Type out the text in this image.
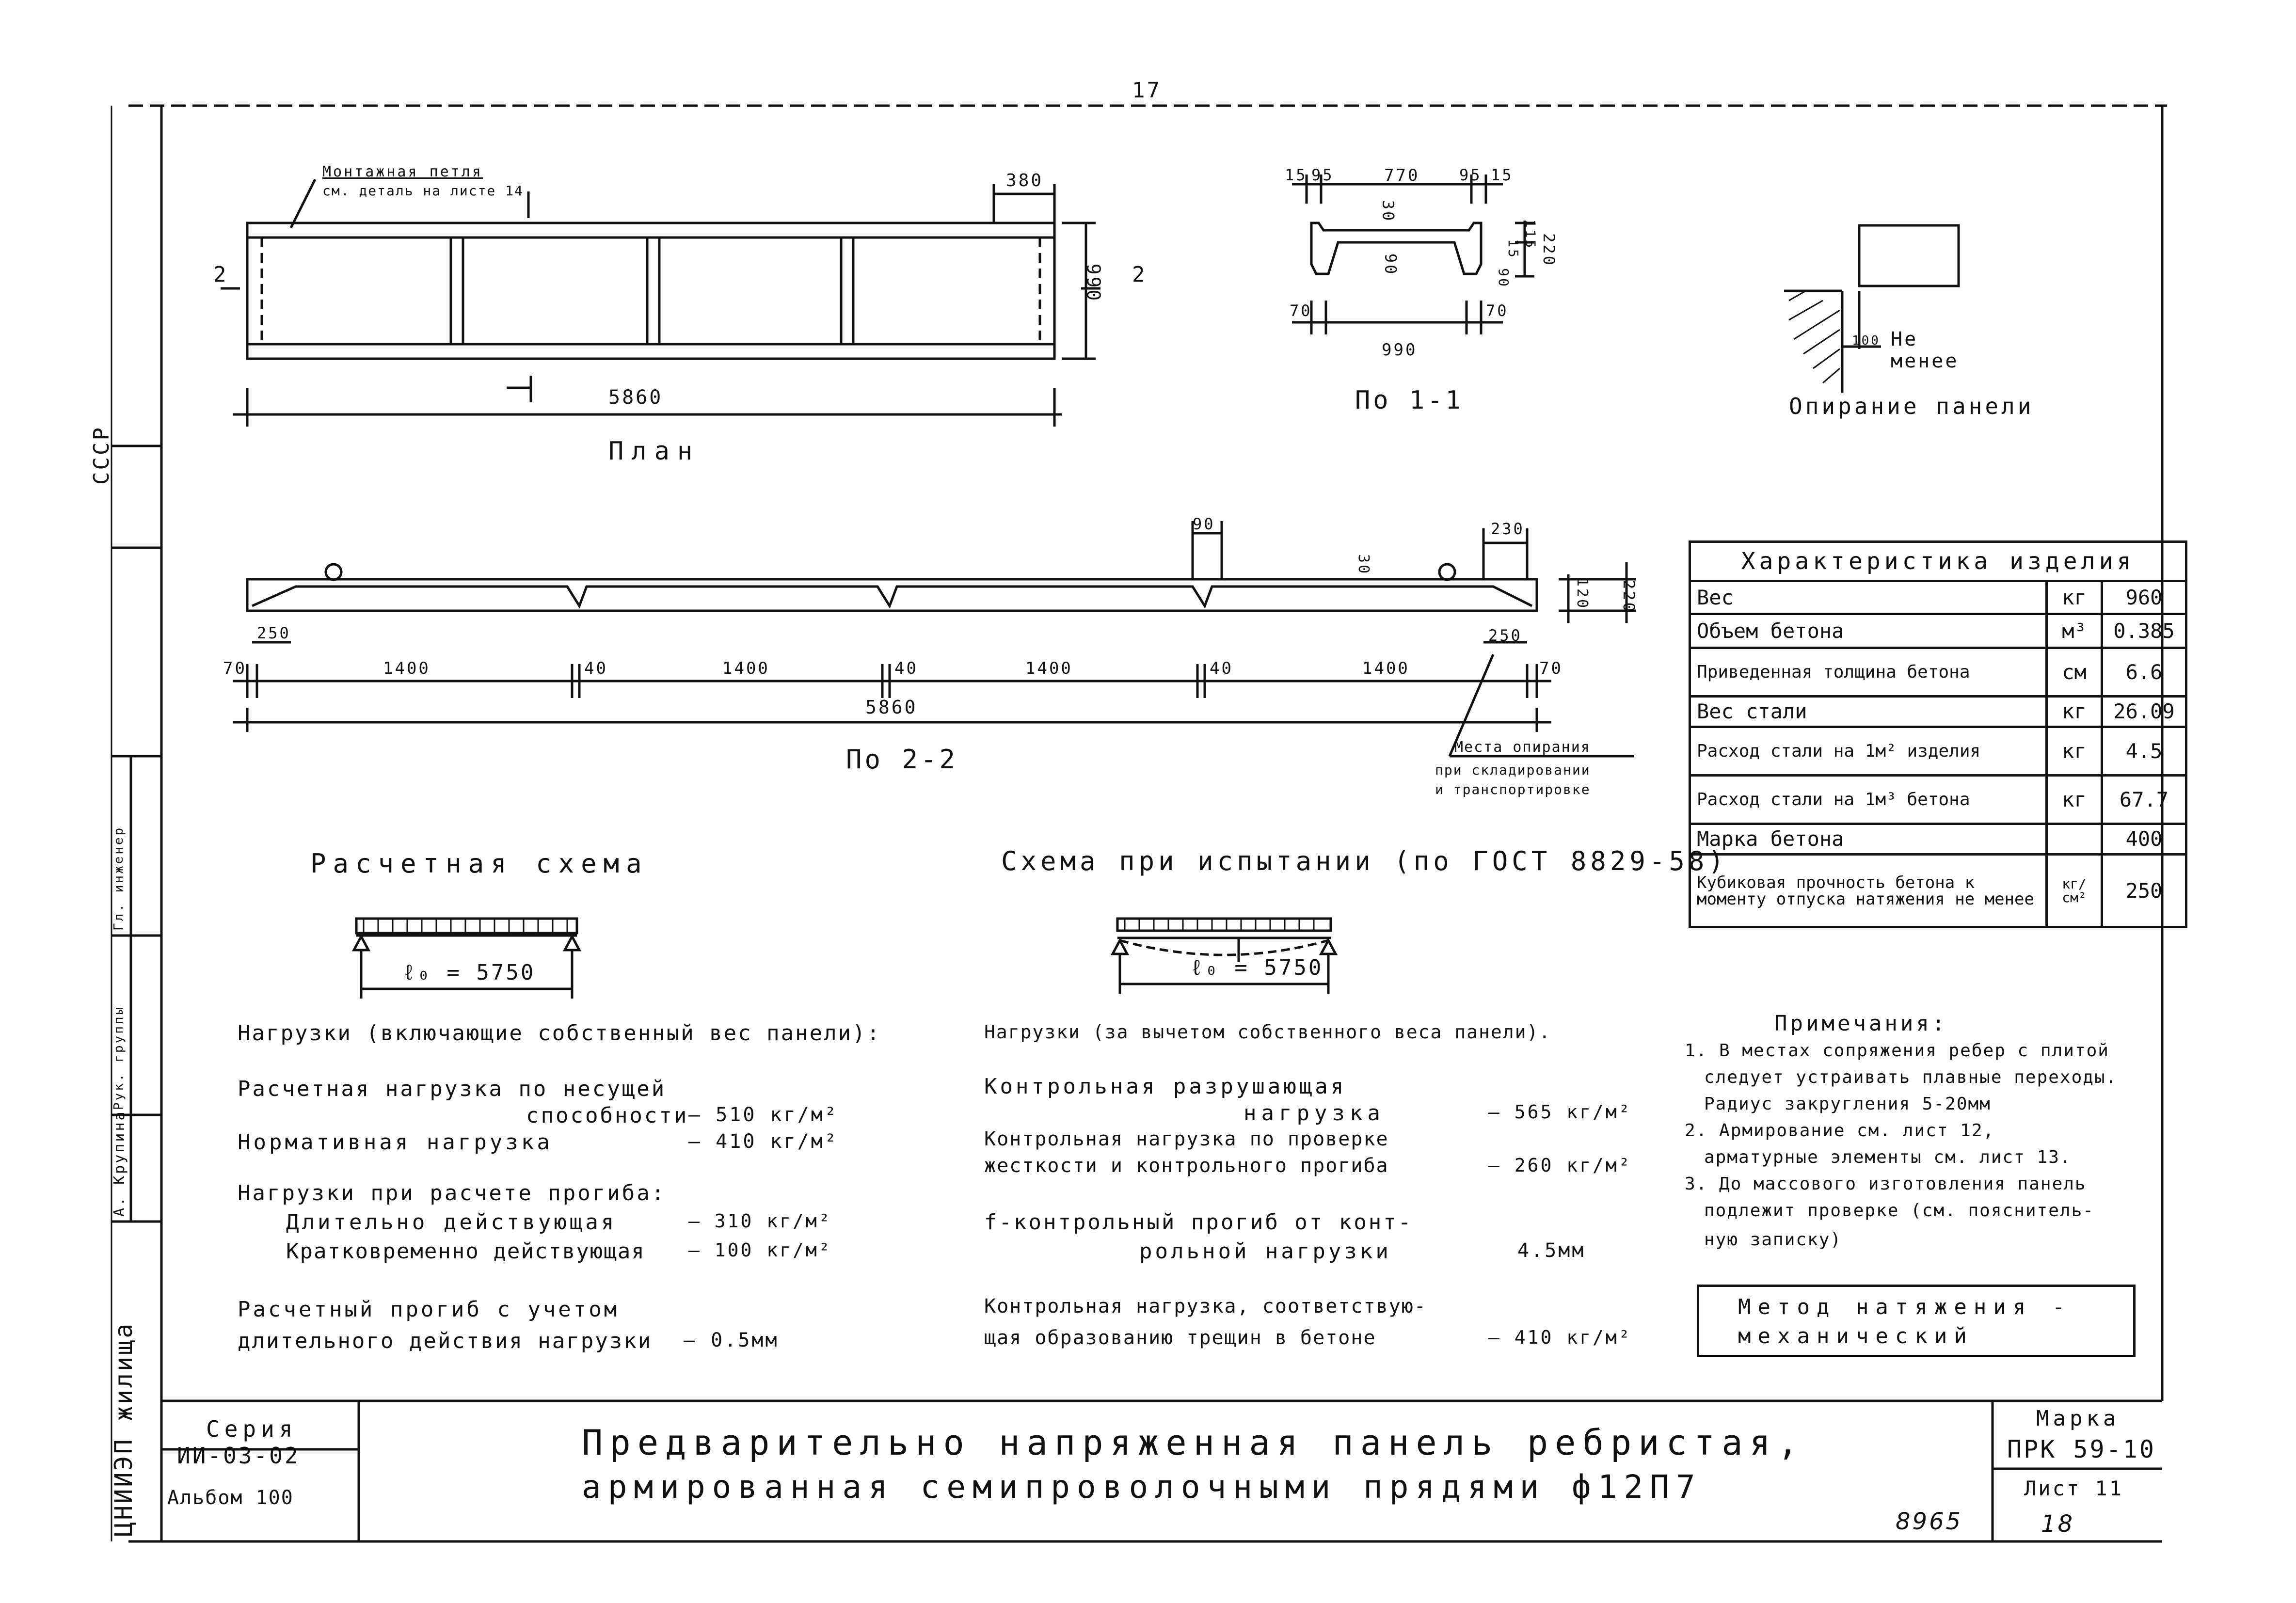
17
Монтажная петля
см. деталь на листе 14
380
990
5860
2	2
План
15 95	770	95 15
30
90
15 115 220
90
70
990
70
По 1-1
100 Не
менее
Опирание панели
90	230
30
120 220
250	250
70	1400	40	1400	40	1400	40	1400	70
5860
По 2-2	Места опирания
при складировании
и транспортировке
Характеристика изделия
Вес	кг	960
Объем бетона	м³	0.385
Приведенная толщина бетона	см	6.6
Вес стали	кг	26.09
Расход стали на 1м² изделия	кг	4.5
Расход стали на 1м³ бетона	кг	67.7
Марка бетона		400
Кубиковая прочность бетона к моменту отпуска натяжения не менее	кг/см²	250
Расчетная схема
ℓ₀ = 5750
Схема при испытании (по ГОСТ 8829-58)
ℓ₀ = 5750
Нагрузки (включающие собственный вес панели):
Расчетная нагрузка по несущей
способности – 510 кг/м²
Нормативная нагрузка	– 410 кг/м²
Нагрузки при расчете прогиба:
Длительно действующая	– 310 кг/м²
Кратковременно действующая – 100 кг/м²
Расчетный прогиб с учетом
длительного действия нагрузки – 0.5мм
Нагрузки (за вычетом собственного веса панели).
Контрольная разрушающая
нагрузка	– 565 кг/м²
Контрольная нагрузка по проверке
жесткости и контрольного прогиба	– 260 кг/м²
f-контрольный прогиб от конт-
рольной нагрузки	4.5мм
Контрольная нагрузка, соответствую-
щая образованию трещин в бетоне	– 410 кг/м²
Примечания:
1. В местах сопряжения ребер с плитой
следует устраивать плавные переходы.
Радиус закругления 5-20мм
2. Армирование см. лист 12,
арматурные элементы см. лист 13.
3. До массового изготовления панель
подлежит проверке (см. пояснитель-
ную записку)
Метод натяжения -
механический
Серия
ИИ-03-02
Альбом 100
Предварительно напряженная панель ребристая,
армированная семипроволочными прядями ф12П7
Марка
ПРК 59-10
Лист 11
8965	18
СССР
Гл. инженер
Рук. группы
А. Крупина
ЦНИИЭП жилища
